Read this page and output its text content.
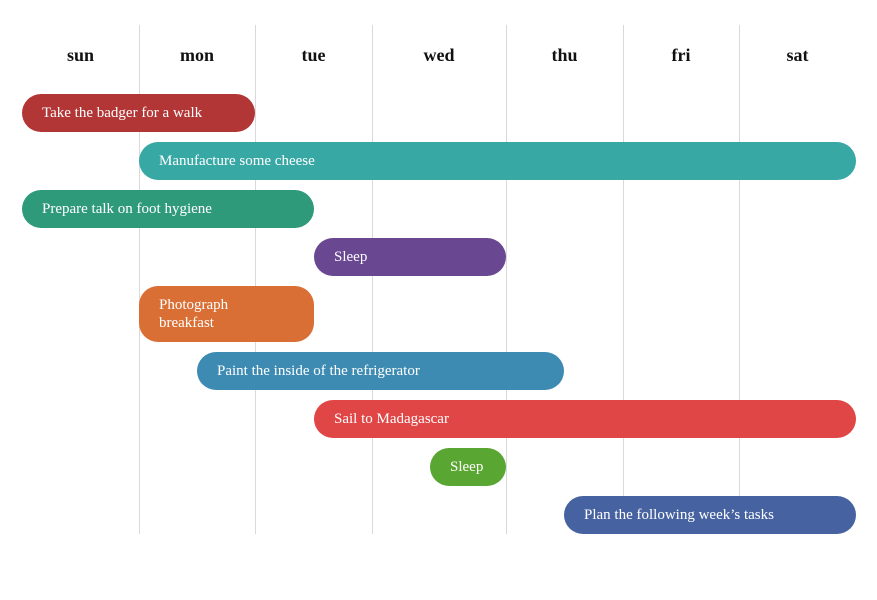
sun	mon	tue	wed	thu	fri	sat
Take the badger for a walk
Manufacture some cheese
Prepare talk on foot hygiene
Sleep
Photograph breakfast
Paint the inside of the refrigerator
Sail to Madagascar
Sleep
Plan the following week’s tasks
